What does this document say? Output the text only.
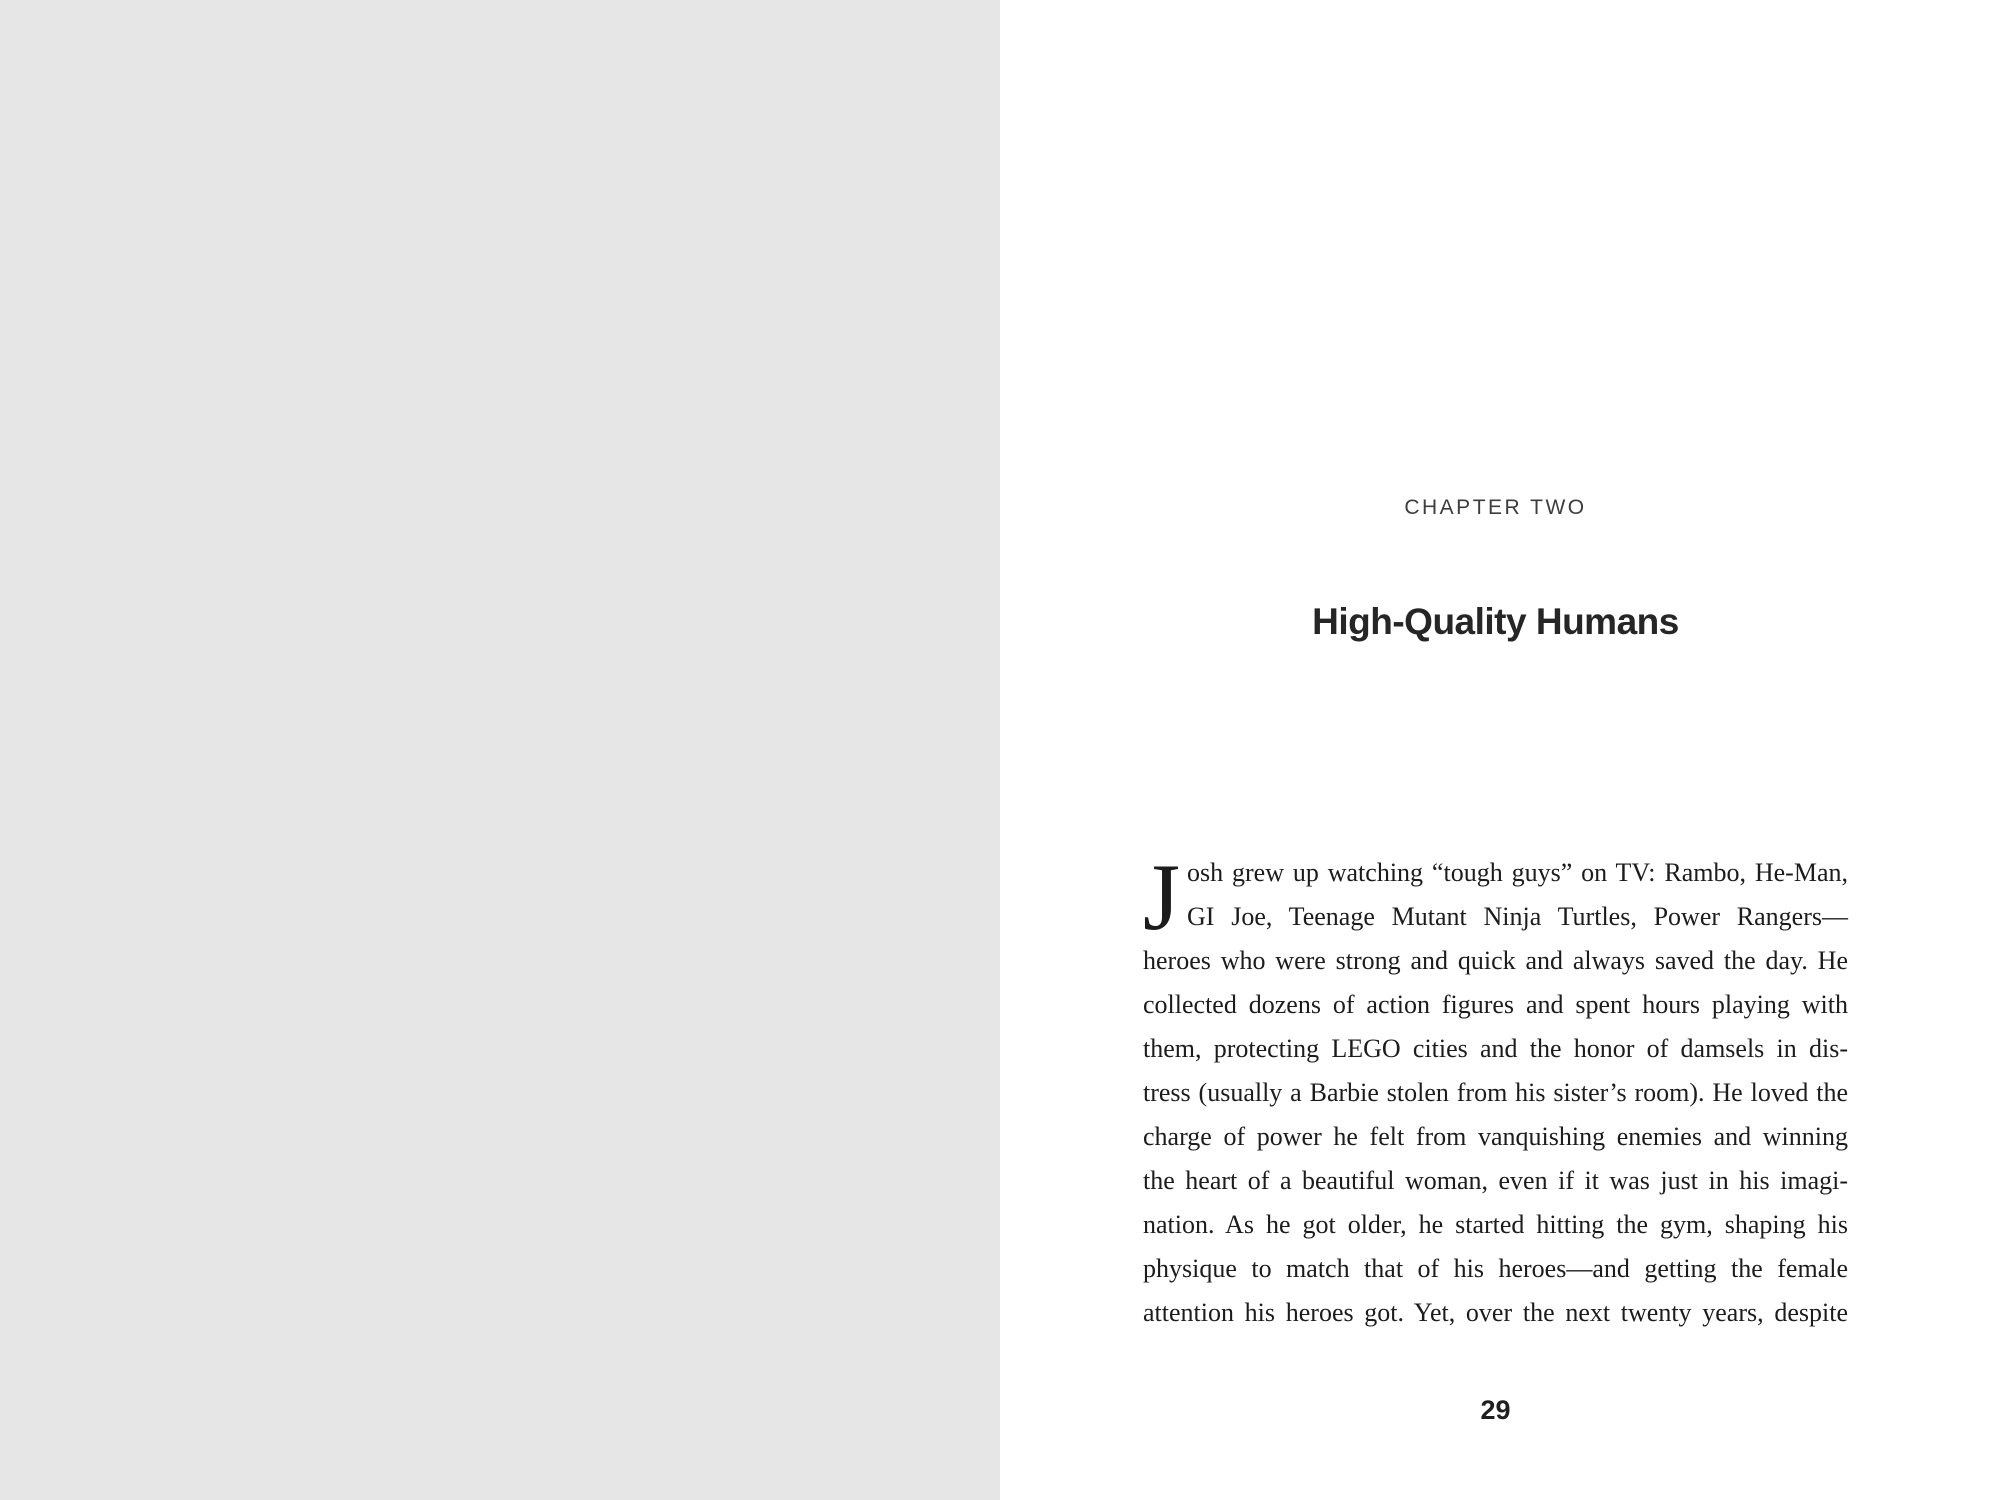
CHAPTER TWO
High-Quality Humans
J osh grew up watching “tough guys” on TV: Rambo, He-Man,
GI Joe, Teenage Mutant Ninja Turtles, Power Rangers—
heroes who were strong and quick and always saved the day. He
collected dozens of action figures and spent hours playing with
them, protecting LEGO cities and the honor of damsels in dis-
tress (usually a Barbie stolen from his sister’s room). He loved the
charge of power he felt from vanquishing enemies and winning
the heart of a beautiful woman, even if it was just in his imagi-
nation. As he got older, he started hitting the gym, shaping his
physique to match that of his heroes—and getting the female
attention his heroes got. Yet, over the next twenty years, despite
29
